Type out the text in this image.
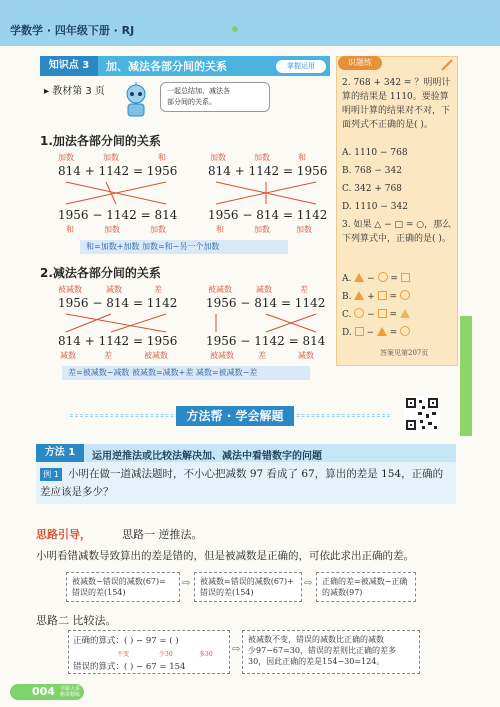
学数学 · 四年级下册 · RJ
知识点 3	加、减法各部分间的关系	掌握运用
▸ 教材第 3 页	一起总结加、减法各
部分间的关系。
1.加法各部分间的关系
加数	加数	和	加数	加数	和
814 + 1142 = 1956	814 + 1142 = 1956
1956 − 1142 = 814	1956 − 814 = 1142
和	加数	加数	和	加数	加数
和=加数+加数 加数=和−另一个加数
2.减法各部分间的关系
被减数	减数	差	被减数	减数	差
1956 − 814 = 1142 1956 − 814 = 1142
814 + 1142 = 1956 1956 − 1142 = 814
减数	差	被减数	被减数	差	减数
差=被减数−减数 被减数=减数+差 减数=被减数−差
识题练
2. 768 + 342 = ？明明计算的结果是 1110。要验算明明计算的结果对不对，下面列式不正确的是( )。
A. 1110 − 768
B. 768 − 342
C. 342 + 768
D. 1110 − 342
3. 如果 △ − □ = ○，那么下列算式中，正确的是( )。
A.  −  =
B.  +  =
C.  −  =
D.  −  =
答案见第207页
方法帮 · 学会解题
方法 1	运用逆推法或比较法解决加、减法中看错数字的问题
例 1 小明在做一道减法题时，不小心把减数 97 看成了 67，算出的差是 154，正确的
差应该是多少？
思路引导，	思路一 逆推法。
小明看错减数导致算出的差是错的，但是被减数是正确的，可依此求出正确的差。
被减数−错误的减数(67)=
错误的差(154)
⇨ 被减数=错误的减数(67)+
错误的差(154)
⇨ 正确的差=被减数−正确
的减数(97)
思路二 比较法。
正确的算式：( ) − 97 = ( )
不变	少30	多30
错误的算式：( ) − 67 = 154
⇨
被减数不变，错误的减数比正确的减数
少97−67=30，错误的差则比正确的差多
30，因此正确的差是154−30=124。
004 学霸大讲 精讲精练
